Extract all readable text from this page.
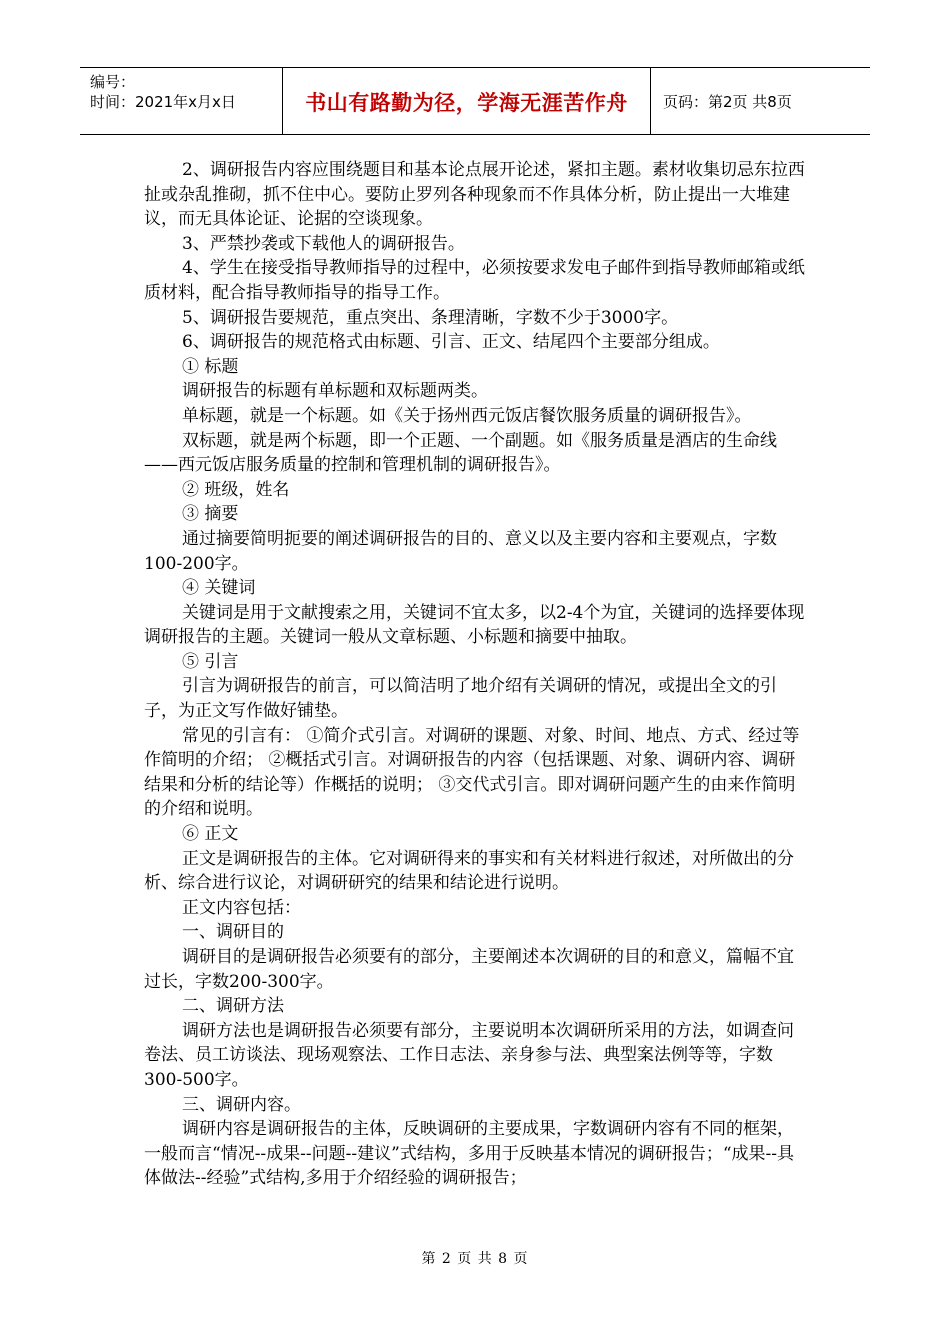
编号：
时间：2021年x月x日	书山有路勤为径，学海无涯苦作舟	页码：第2页 共8页

2、调研报告内容应围绕题目和基本论点展开论述，紧扣主题。素材收集切忌东拉西扯或杂乱推砌，抓不住中心。要防止罗列各种现象而不作具体分析，防止提出一大堆建议，而无具体论证、论据的空谈现象。

3、严禁抄袭或下载他人的调研报告。

4、学生在接受指导教师指导的过程中，必须按要求发电子邮件到指导教师邮箱或纸质材料，配合指导教师指导的指导工作。

5、调研报告要规范，重点突出、条理清晰，字数不少于3000字。

6、调研报告的规范格式由标题、引言、正文、结尾四个主要部分组成。

① 标题

调研报告的标题有单标题和双标题两类。

单标题，就是一个标题。如《关于扬州西元饭店餐饮服务质量的调研报告》。

双标题，就是两个标题，即一个正题、一个副题。如《服务质量是酒店的生命线——西元饭店服务质量的控制和管理机制的调研报告》。

② 班级，姓名

③ 摘要

通过摘要简明扼要的阐述调研报告的目的、意义以及主要内容和主要观点，字数100-200字。

④ 关键词

关键词是用于文献搜索之用，关键词不宜太多，以2-4个为宜，关键词的选择要体现调研报告的主题。关键词一般从文章标题、小标题和摘要中抽取。

⑤ 引言

引言为调研报告的前言，可以简洁明了地介绍有关调研的情况，或提出全文的引子，为正文写作做好铺垫。

常见的引言有： ①简介式引言。对调研的课题、对象、时间、地点、方式、经过等作简明的介绍； ②概括式引言。对调研报告的内容（包括课题、对象、调研内容、调研结果和分析的结论等）作概括的说明； ③交代式引言。即对调研问题产生的由来作简明的介绍和说明。

⑥ 正文

正文是调研报告的主体。它对调研得来的事实和有关材料进行叙述，对所做出的分析、综合进行议论，对调研研究的结果和结论进行说明。

正文内容包括：

一、调研目的

调研目的是调研报告必须要有的部分，主要阐述本次调研的目的和意义，篇幅不宜过长，字数200-300字。

二、调研方法

调研方法也是调研报告必须要有部分，主要说明本次调研所采用的方法，如调查问卷法、员工访谈法、现场观察法、工作日志法、亲身参与法、典型案法例等等，字数300-500字。

三、调研内容。

调研内容是调研报告的主体，反映调研的主要成果，字数调研内容有不同的框架，一般而言“情况--成果--问题--建议”式结构，多用于反映基本情况的调研报告；“成果--具体做法--经验”式结构,多用于介绍经验的调研报告；

第 2 页 共 8 页
